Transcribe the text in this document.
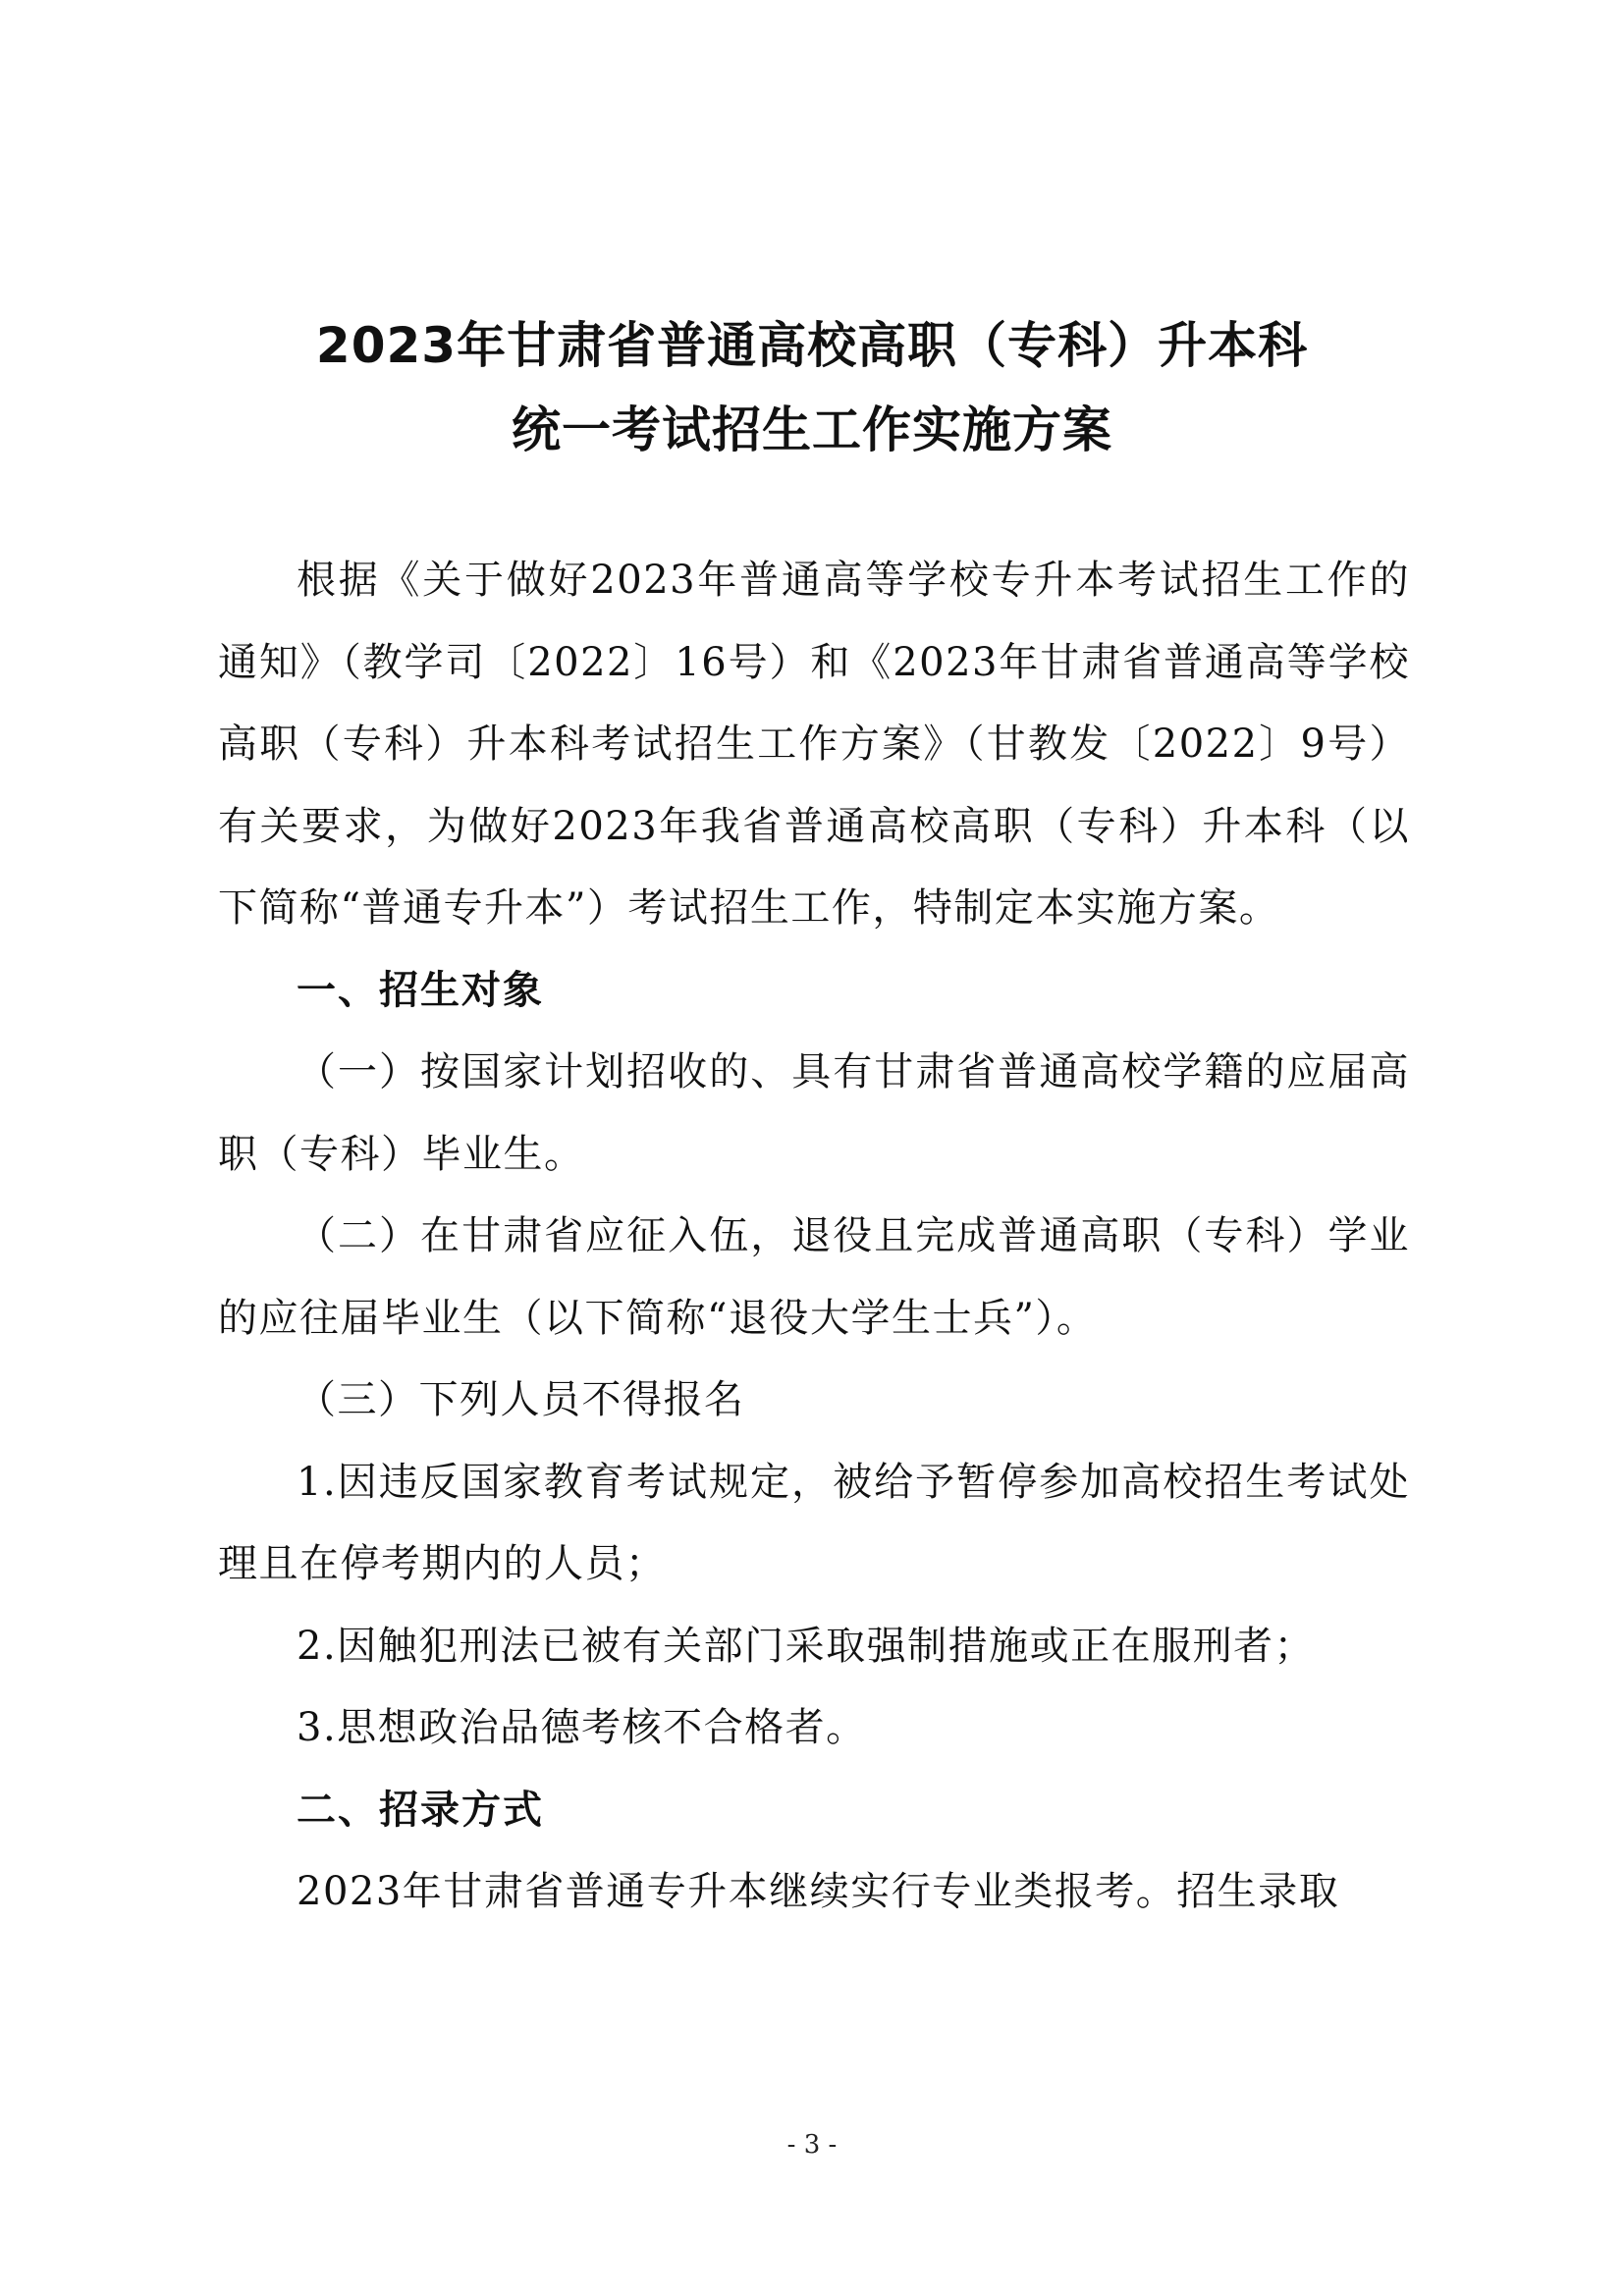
2023年甘肃省普通高校高职（专科）升本科
统一考试招生工作实施方案

根据《关于做好2023年普通高等学校专升本考试招生工作的通知》（教学司〔2022〕16号）和《2023年甘肃省普通高等学校高职（专科）升本科考试招生工作方案》（甘教发〔2022〕9号）有关要求，为做好2023年我省普通高校高职（专科）升本科（以下简称“普通专升本”）考试招生工作，特制定本实施方案。

一、招生对象

（一）按国家计划招收的、具有甘肃省普通高校学籍的应届高职（专科）毕业生。

（二）在甘肃省应征入伍，退役且完成普通高职（专科）学业的应往届毕业生（以下简称“退役大学生士兵”）。

（三）下列人员不得报名

1.因违反国家教育考试规定，被给予暂停参加高校招生考试处理且在停考期内的人员；

2.因触犯刑法已被有关部门采取强制措施或正在服刑者；

3.思想政治品德考核不合格者。

二、招录方式

2023年甘肃省普通专升本继续实行专业类报考。招生录取

- 3 -
